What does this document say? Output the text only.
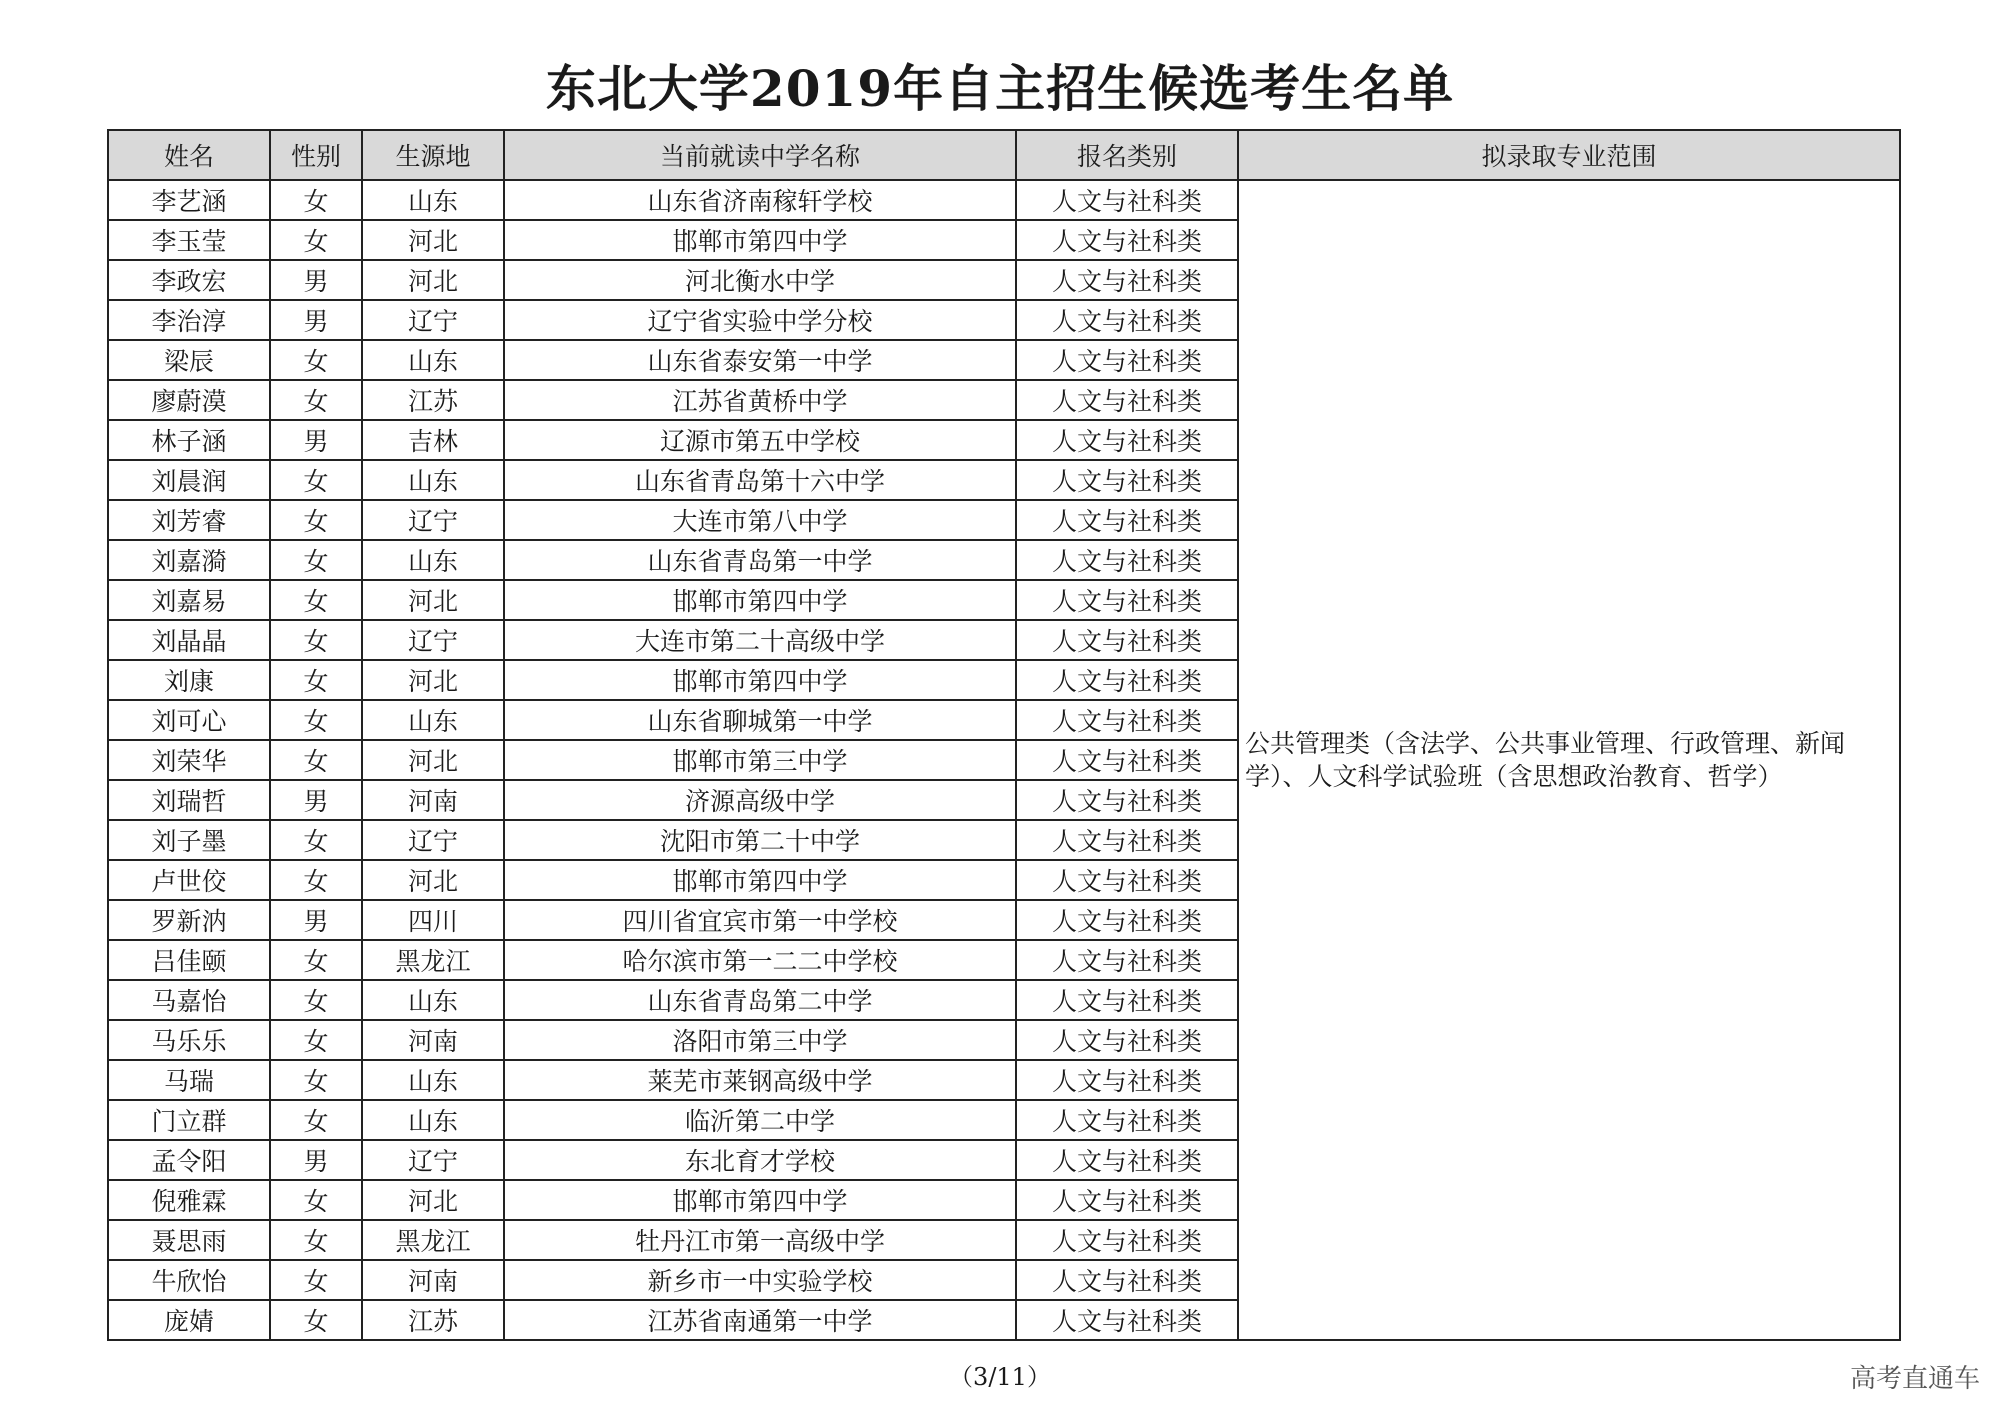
东北大学2019年自主招生候选考生名单
姓名	性别	生源地	当前就读中学名称	报名类别	拟录取专业范围
李艺涵	女	山东	山东省济南稼轩学校	人文与社科类	公共管理类（含法学、公共事业管理、行政管理、新闻学）、人文科学试验班（含思想政治教育、哲学）
李玉莹	女	河北	邯郸市第四中学	人文与社科类	
李政宏	男	河北	河北衡水中学	人文与社科类	
李治淳	男	辽宁	辽宁省实验中学分校	人文与社科类	
梁辰	女	山东	山东省泰安第一中学	人文与社科类	
廖蔚漠	女	江苏	江苏省黄桥中学	人文与社科类	
林子涵	男	吉林	辽源市第五中学校	人文与社科类	
刘晨润	女	山东	山东省青岛第十六中学	人文与社科类	
刘芳睿	女	辽宁	大连市第八中学	人文与社科类	
刘嘉漪	女	山东	山东省青岛第一中学	人文与社科类	
刘嘉易	女	河北	邯郸市第四中学	人文与社科类	
刘晶晶	女	辽宁	大连市第二十高级中学	人文与社科类	
刘康	女	河北	邯郸市第四中学	人文与社科类	
刘可心	女	山东	山东省聊城第一中学	人文与社科类	
刘荣华	女	河北	邯郸市第三中学	人文与社科类	
刘瑞哲	男	河南	济源高级中学	人文与社科类	
刘子墨	女	辽宁	沈阳市第二十中学	人文与社科类	
卢世佼	女	河北	邯郸市第四中学	人文与社科类	
罗新汭	男	四川	四川省宜宾市第一中学校	人文与社科类	
吕佳颐	女	黑龙江	哈尔滨市第一二二中学校	人文与社科类	
马嘉怡	女	山东	山东省青岛第二中学	人文与社科类	
马乐乐	女	河南	洛阳市第三中学	人文与社科类	
马瑞	女	山东	莱芜市莱钢高级中学	人文与社科类	
门立群	女	山东	临沂第二中学	人文与社科类	
孟令阳	男	辽宁	东北育才学校	人文与社科类	
倪雅霖	女	河北	邯郸市第四中学	人文与社科类	
聂思雨	女	黑龙江	牡丹江市第一高级中学	人文与社科类	
牛欣怡	女	河南	新乡市一中实验学校	人文与社科类	
庞婧	女	江苏	江苏省南通第一中学	人文与社科类	
（3/11）	高考直通车
